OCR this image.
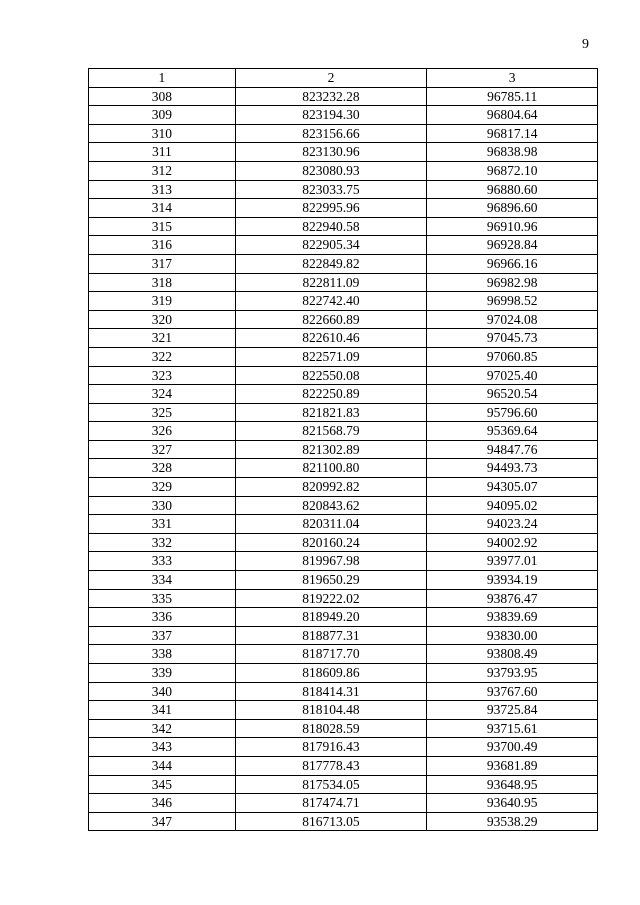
9
1	2	3
308	823232.28	96785.11
309	823194.30	96804.64
310	823156.66	96817.14
311	823130.96	96838.98
312	823080.93	96872.10
313	823033.75	96880.60
314	822995.96	96896.60
315	822940.58	96910.96
316	822905.34	96928.84
317	822849.82	96966.16
318	822811.09	96982.98
319	822742.40	96998.52
320	822660.89	97024.08
321	822610.46	97045.73
322	822571.09	97060.85
323	822550.08	97025.40
324	822250.89	96520.54
325	821821.83	95796.60
326	821568.79	95369.64
327	821302.89	94847.76
328	821100.80	94493.73
329	820992.82	94305.07
330	820843.62	94095.02
331	820311.04	94023.24
332	820160.24	94002.92
333	819967.98	93977.01
334	819650.29	93934.19
335	819222.02	93876.47
336	818949.20	93839.69
337	818877.31	93830.00
338	818717.70	93808.49
339	818609.86	93793.95
340	818414.31	93767.60
341	818104.48	93725.84
342	818028.59	93715.61
343	817916.43	93700.49
344	817778.43	93681.89
345	817534.05	93648.95
346	817474.71	93640.95
347	816713.05	93538.29
